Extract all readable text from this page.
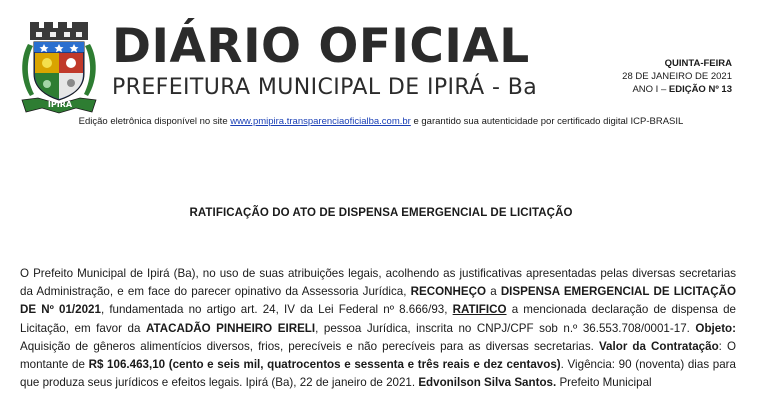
IPIRÁ
DIÁRIO OFICIAL

PREFEITURA MUNICIPAL DE IPIRÁ - Ba

QUINTA-FEIRA
28 DE JANEIRO DE 2021
ANO I – EDIÇÃO Nº 13
Edição eletrônica disponível no site www.pmipira.transparenciaoficialba.com.br e garantido sua autenticidade por certificado digital ICP-BRASIL
RATIFICAÇÃO DO ATO DE DISPENSA EMERGENCIAL DE LICITAÇÃO

O Prefeito Municipal de Ipirá (Ba), no uso de suas atribuições legais, acolhendo as justificativas apresentadas pelas diversas secretarias da Administração, e em face do parecer opinativo da Assessoria Jurídica, RECONHEÇO a DISPENSA EMERGENCIAL DE LICITAÇÃO DE Nº 01/2021, fundamentada no artigo art. 24, IV da Lei Federal nº 8.666/93, RATIFICO a mencionada declaração de dispensa de Licitação, em favor da ATACADÃO PINHEIRO EIRELI, pessoa Jurídica, inscrita no CNPJ/CPF sob n.º 36.553.708/0001-17. Objeto: Aquisição de gêneros alimentícios diversos, frios, perecíveis e não perecíveis para as diversas secretarias. Valor da Contratação: O montante de R$ 106.463,10 (cento e seis mil, quatrocentos e sessenta e três reais e dez centavos). Vigência: 90 (noventa) dias para que produza seus jurídicos e efeitos legais. Ipirá (Ba), 22 de janeiro de 2021. Edvonilson Silva Santos. Prefeito Municipal
